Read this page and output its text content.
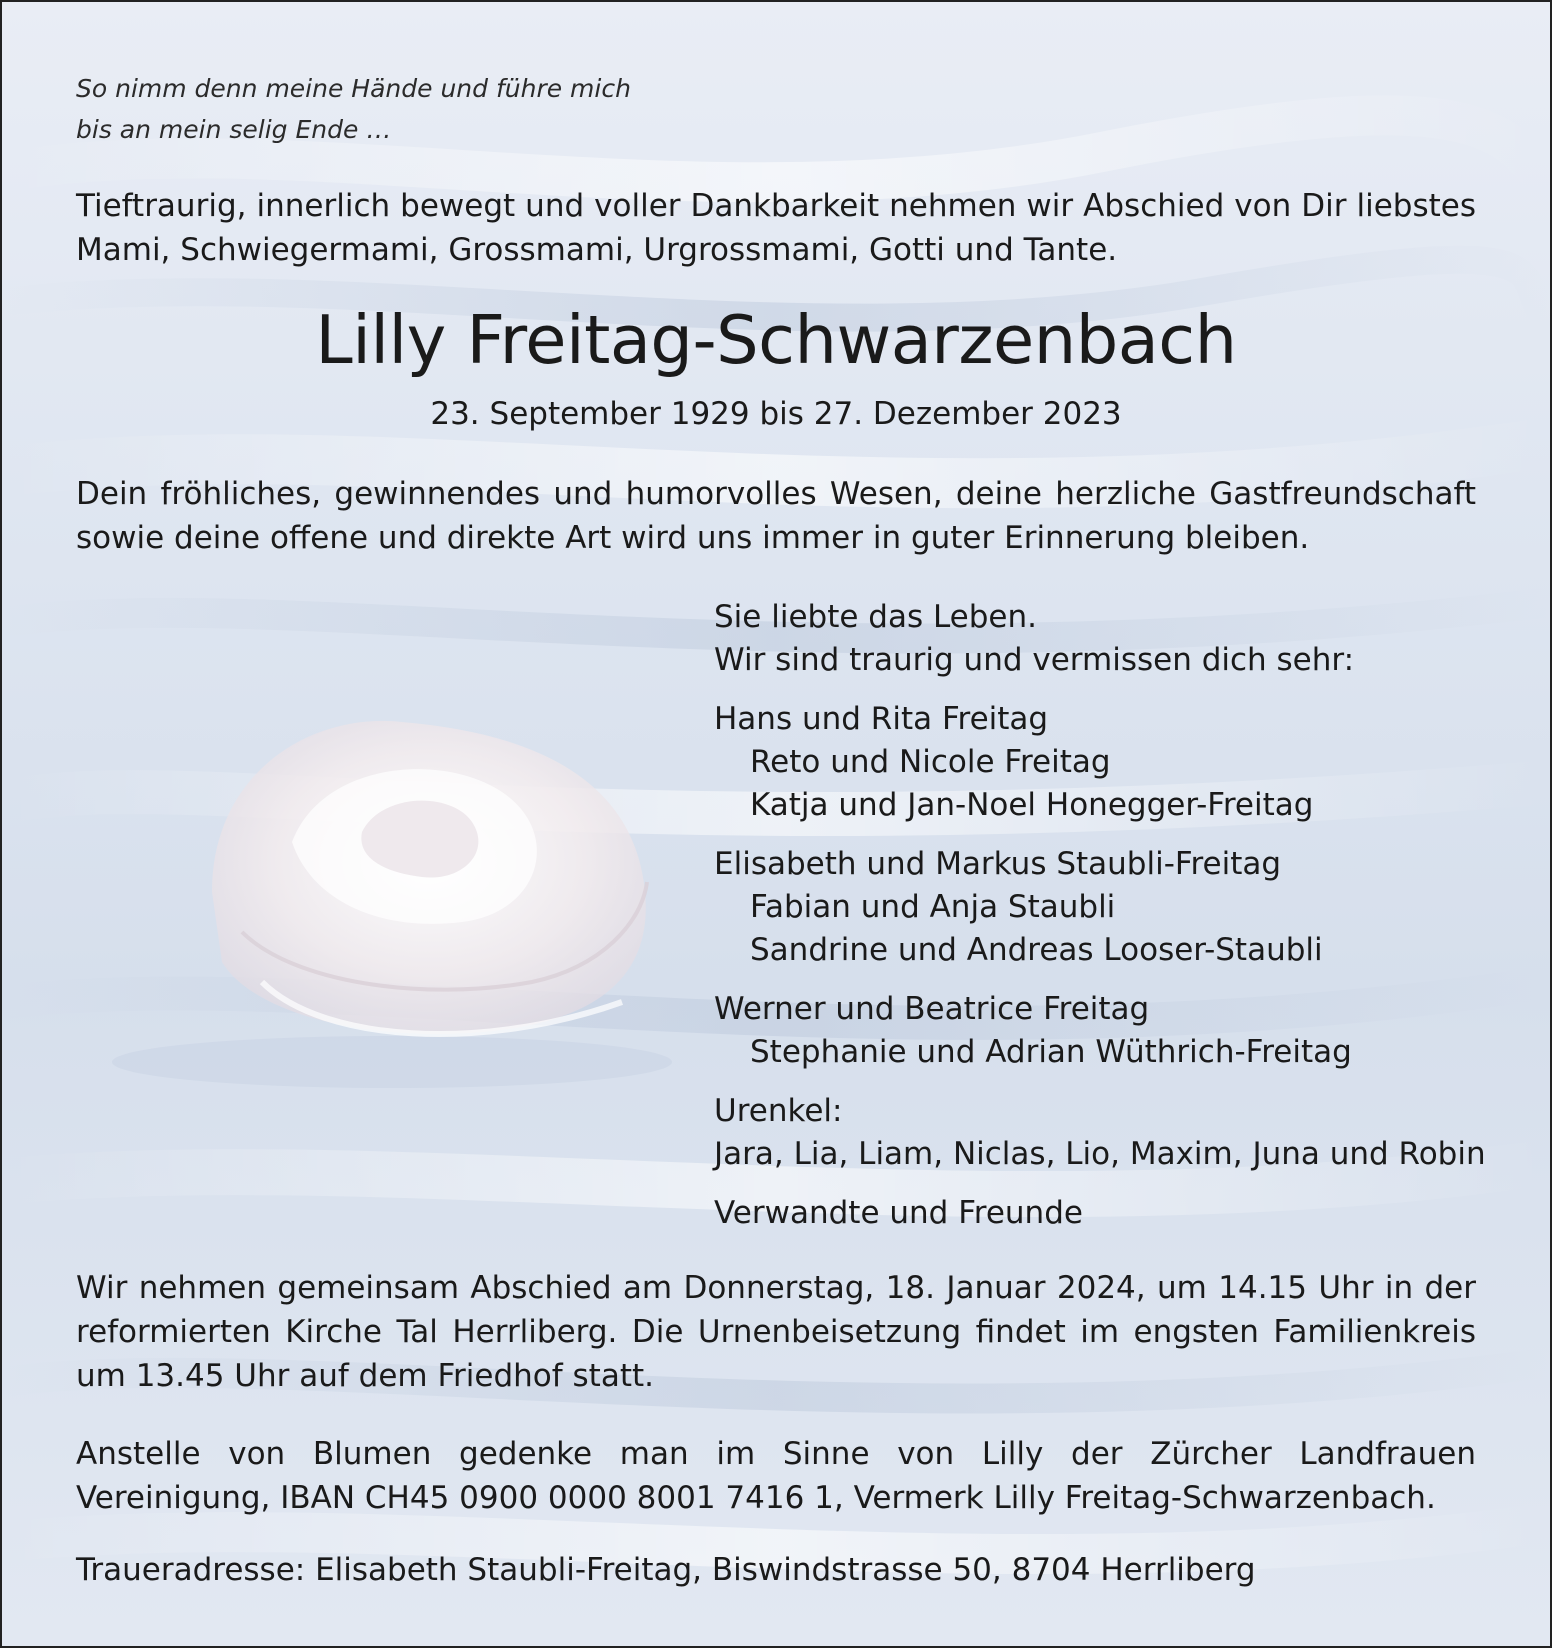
So nimm denn meine Hände und führe mich
bis an mein selig Ende …
Tieftraurig, innerlich bewegt und voller Dankbarkeit nehmen wir Abschied von Dir liebstes Mami, Schwiegermami, Grossmami, Urgrossmami, Gotti und Tante.
Lilly Freitag-Schwarzenbach
23. September 1929 bis 27. Dezember 2023
Dein fröhliches, gewinnendes und humorvolles Wesen, deine herzliche Gastfreundschaft sowie deine offene und direkte Art wird uns immer in guter Erinnerung bleiben.
Sie liebte das Leben.
Wir sind traurig und vermissen dich sehr:
Hans und Rita Freitag
Reto und Nicole Freitag
Katja und Jan-Noel Honegger-Freitag
Elisabeth und Markus Staubli-Freitag
Fabian und Anja Staubli
Sandrine und Andreas Looser-Staubli
Werner und Beatrice Freitag
Stephanie und Adrian Wüthrich-Freitag
Urenkel:
Jara, Lia, Liam, Niclas, Lio, Maxim, Juna und Robin
Verwandte und Freunde
Wir nehmen gemeinsam Abschied am Donnerstag, 18. Januar 2024, um 14.15 Uhr in der reformierten Kirche Tal Herrliberg. Die Urnenbeisetzung findet im engsten Familienkreis um 13.45 Uhr auf dem Friedhof statt.
Anstelle von Blumen gedenke man im Sinne von Lilly der Zürcher Landfrauen Vereinigung, IBAN CH45 0900 0000 8001 7416 1, Vermerk Lilly Freitag-Schwarzenbach.
Traueradresse: Elisabeth Staubli-Freitag, Biswindstrasse 50, 8704 Herrliberg
